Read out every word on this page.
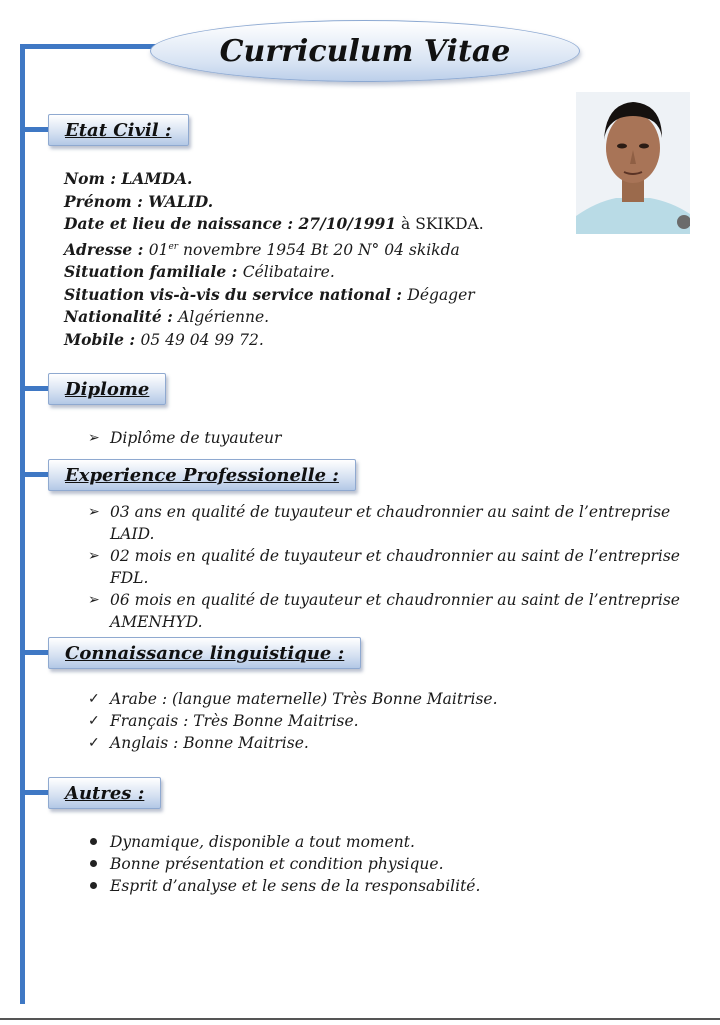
Curriculum Vitae
Etat Civil :
Nom : LAMDA.
Prénom : WALID.
Date et lieu de naissance : 27/10/1991 à SKIKDA.
Adresse : 01er novembre 1954 Bt 20 N° 04 skikda
Situation familiale : Célibataire.
Situation vis-à-vis du service national : Dégager
Nationalité : Algérienne.
Mobile : 05 49 04 99 72.
Diplome
➢ Diplôme de tuyauteur
Experience Professionelle :
➢ 03 ans en qualité de tuyauteur et chaudronnier au saint de l’entreprise
LAID.
➢ 02 mois en qualité de tuyauteur et chaudronnier au saint de l’entreprise
FDL.
➢ 06 mois en qualité de tuyauteur et chaudronnier au saint de l’entreprise
AMENHYD.
Connaissance linguistique :
✓ Arabe : (langue maternelle) Très Bonne Maitrise.
✓ Français : Très Bonne Maitrise.
✓ Anglais : Bonne Maitrise.
Autres :
Dynamique, disponible a tout moment.
Bonne présentation et condition physique.
Esprit d’analyse et le sens de la responsabilité.
